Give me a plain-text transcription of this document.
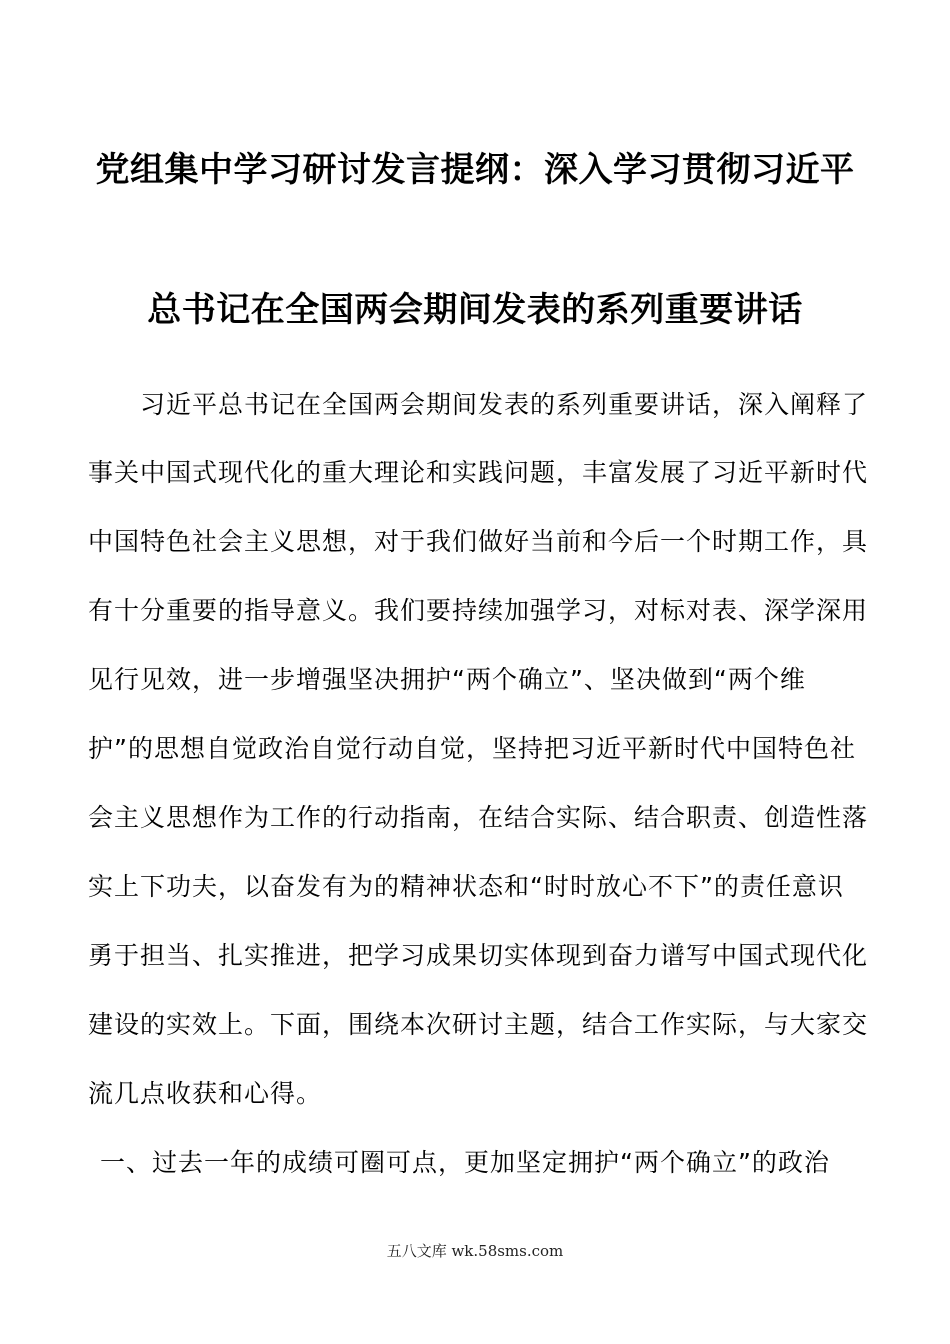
党组集中学习研讨发言提纲：深入学习贯彻习近平
总书记在全国两会期间发表的系列重要讲话
习近平总书记在全国两会期间发表的系列重要讲话，深入阐释了
事关中国式现代化的重大理论和实践问题，丰富发展了习近平新时代
中国特色社会主义思想，对于我们做好当前和今后一个时期工作，具
有十分重要的指导意义。我们要持续加强学习，对标对表、深学深用
见行见效，进一步增强坚决拥护“两个确立”、坚决做到“两个维
护”的思想自觉政治自觉行动自觉，坚持把习近平新时代中国特色社
会主义思想作为工作的行动指南，在结合实际、结合职责、创造性落
实上下功夫，以奋发有为的精神状态和“时时放心不下”的责任意识
勇于担当、扎实推进，把学习成果切实体现到奋力谱写中国式现代化
建设的实效上。下面，围绕本次研讨主题，结合工作实际，与大家交
流几点收获和心得。
一、过去一年的成绩可圈可点，更加坚定拥护“两个确立”的政治
五八文库 wk.58sms.com
